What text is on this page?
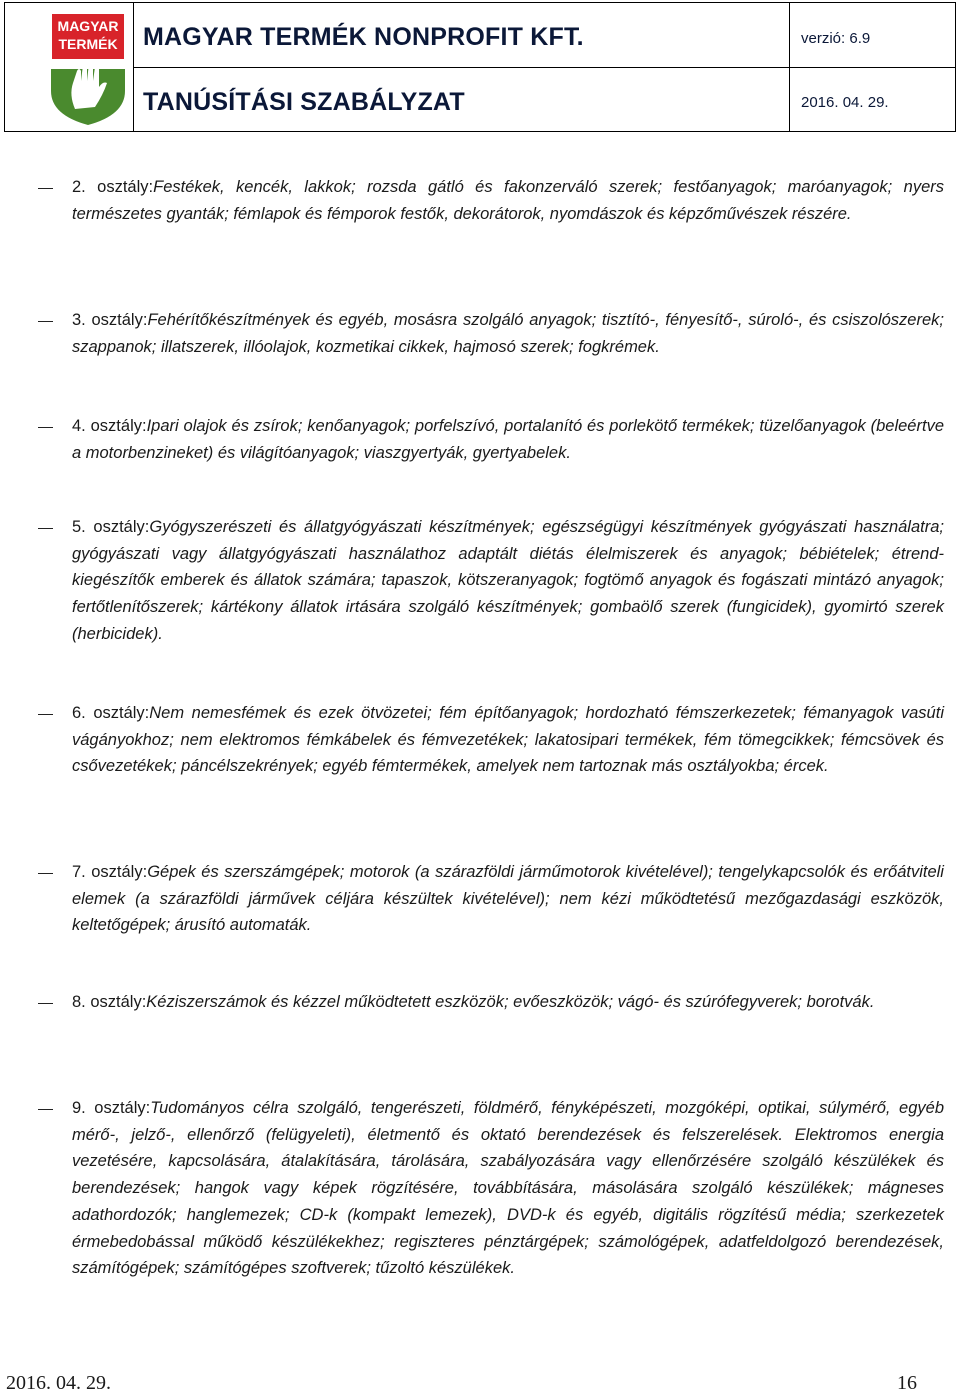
MAGYAR
TERMÉK	verzió: 6.9
2016. 04. 29.
MAGYAR TERMÉK NONPROFIT KFT.
TANÚSÍTÁSI SZABÁLYZAT
2. osztály:Festékek, kencék, lakkok; rozsda gátló és fakonzerváló szerek; festőanyagok; maróanyagok; nyers természetes gyanták; fémlapok és fémporok festők, dekorátorok, nyomdászok és képzőművészek részére.
3. osztály:Fehérítőkészítmények és egyéb, mosásra szolgáló anyagok; tisztító-, fényesítő-, súroló-, és csiszolószerek; szappanok; illatszerek, illóolajok, kozmetikai cikkek, hajmosó szerek; fogkrémek.
4. osztály:Ipari olajok és zsírok; kenőanyagok; porfelszívó, portalanító és porlekötő termékek; tüzelőanyagok (beleértve a motorbenzineket) és világítóanyagok; viaszgyertyák, gyertyabelek.
5. osztály:Gyógyszerészeti és állatgyógyászati készítmények; egészségügyi készítmények gyógyászati használatra; gyógyászati vagy állatgyógyászati használathoz adaptált diétás élelmiszerek és anyagok; bébiételek; étrend-kiegészítők emberek és állatok számára; tapaszok, kötszeranyagok; fogtömő anyagok és fogászati mintázó anyagok; fertőtlenítőszerek; kártékony állatok irtására szolgáló készítmények; gombaölő szerek (fungicidek), gyomirtó szerek (herbicidek).
6. osztály:Nem nemesfémek és ezek ötvözetei; fém építőanyagok; hordozható fémszerkezetek; fémanyagok vasúti vágányokhoz; nem elektromos fémkábelek és fémvezetékek; lakatosipari termékek, fém tömegcikkek; fémcsövek és csővezetékek; páncélszekrények; egyéb fémtermékek, amelyek nem tartoznak más osztályokba; ércek.
7. osztály:Gépek és szerszámgépek; motorok (a szárazföldi járműmotorok kivételével); tengelykapcsolók és erőátviteli elemek (a szárazföldi járművek céljára készültek kivételével); nem kézi működtetésű mezőgazdasági eszközök, keltetőgépek; árusító automaták.
8. osztály:Kéziszerszámok és kézzel működtetett eszközök; evőeszközök; vágó- és szúrófegyverek; borotvák.
9. osztály:Tudományos célra szolgáló, tengerészeti, földmérő, fényképészeti, mozgóképi, optikai, súlymérő, egyéb mérő-, jelző-, ellenőrző (felügyeleti), életmentő és oktató berendezések és felszerelések. Elektromos energia vezetésére, kapcsolására, átalakítására, tárolására, szabályozására vagy ellenőrzésére szolgáló készülékek és berendezések; hangok vagy képek rögzítésére, továbbítására, másolására szolgáló készülékek; mágneses adathordozók; hanglemezek; CD-k (kompakt lemezek), DVD-k és egyéb, digitális rögzítésű média; szerkezetek érmebedobással működő készülékekhez; regiszteres pénztárgépek; számológépek, adatfeldolgozó berendezések, számítógépek; számítógépes szoftverek; tűzoltó készülékek.
2016. 04. 29.	16
